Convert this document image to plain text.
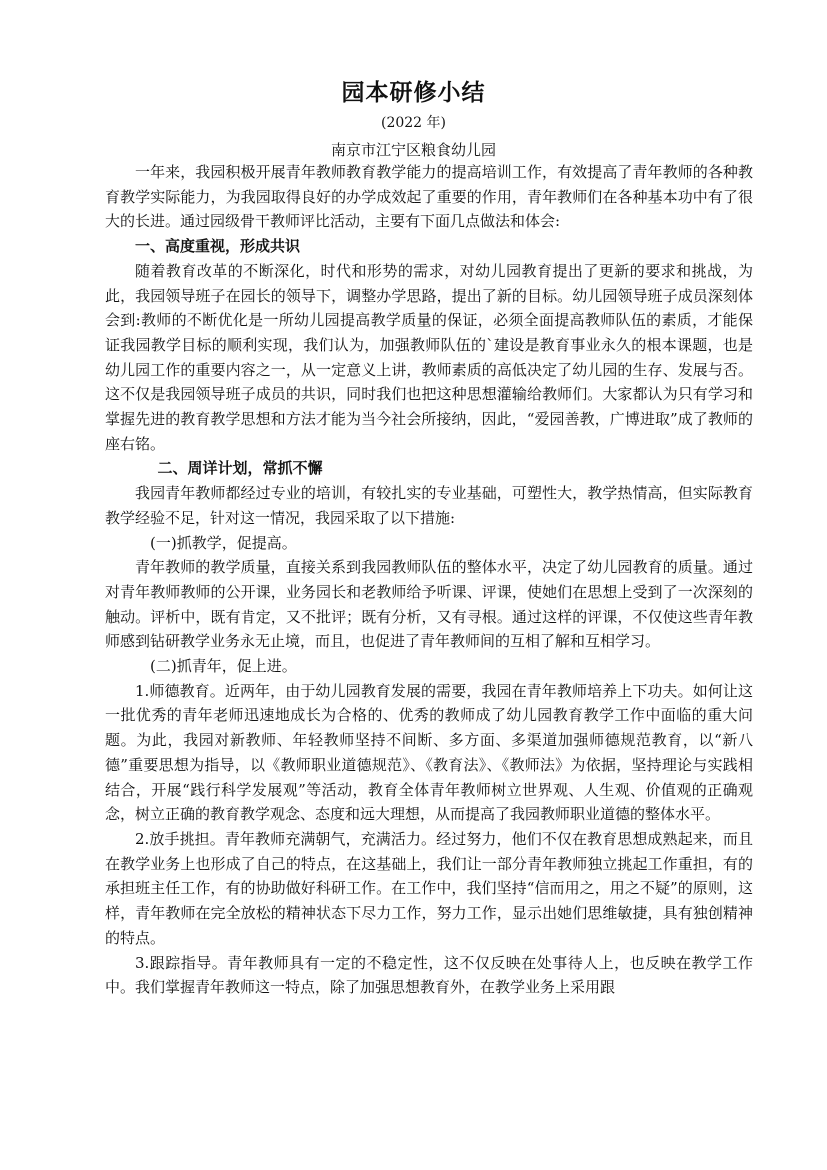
园本研修小结
(2022 年)
南京市江宁区粮食幼儿园

一年来，我园积极开展青年教师教育教学能力的提高培训工作，有效提高了青年教师的各种教育教学实际能力，为我园取得良好的办学成效起了重要的作用，青年教师们在各种基本功中有了很大的长进。通过园级骨干教师评比活动，主要有下面几点做法和体会:

一、高度重视，形成共识

随着教育改革的不断深化，时代和形势的需求，对幼儿园教育提出了更新的要求和挑战，为此，我园领导班子在园长的领导下，调整办学思路，提出了新的目标。幼儿园领导班子成员深刻体会到:教师的不断优化是一所幼儿园提高教学质量的保证，必须全面提高教师队伍的素质，才能保证我园教学目标的顺利实现，我们认为，加强教师队伍的`建设是教育事业永久的根本课题，也是幼儿园工作的重要内容之一，从一定意义上讲，教师素质的高低决定了幼儿园的生存、发展与否。这不仅是我园领导班子成员的共识，同时我们也把这种思想灌输给教师们。大家都认为只有学习和掌握先进的教育教学思想和方法才能为当今社会所接纳，因此，“爱园善教，广博进取”成了教师的座右铭。

二、周详计划，常抓不懈

我园青年教师都经过专业的培训，有较扎实的专业基础，可塑性大，教学热情高，但实际教育教学经验不足，针对这一情况，我园采取了以下措施:

(一)抓教学，促提高。

青年教师的教学质量，直接关系到我园教师队伍的整体水平，决定了幼儿园教育的质量。通过对青年教师教师的公开课，业务园长和老教师给予听课、评课，使她们在思想上受到了一次深刻的触动。评析中，既有肯定，又不批评；既有分析，又有寻根。通过这样的评课，不仅使这些青年教师感到钻研教学业务永无止境，而且，也促进了青年教师间的互相了解和互相学习。

(二)抓青年，促上进。

1.师德教育。近两年，由于幼儿园教育发展的需要，我园在青年教师培养上下功夫。如何让这一批优秀的青年老师迅速地成长为合格的、优秀的教师成了幼儿园教育教学工作中面临的重大问题。为此，我园对新教师、年轻教师坚持不间断、多方面、多渠道加强师德规范教育，以“新八德”重要思想为指导，以《教师职业道德规范》、《教育法》、《教师法》为依据，坚持理论与实践相结合，开展“践行科学发展观”等活动，教育全体青年教师树立世界观、人生观、价值观的正确观念，树立正确的教育教学观念、态度和远大理想，从而提高了我园教师职业道德的整体水平。

2.放手挑担。青年教师充满朝气，充满活力。经过努力，他们不仅在教育思想成熟起来，而且在教学业务上也形成了自己的特点，在这基础上，我们让一部分青年教师独立挑起工作重担，有的承担班主任工作，有的协助做好科研工作。在工作中，我们坚持“信而用之，用之不疑”的原则，这样，青年教师在完全放松的精神状态下尽力工作，努力工作，显示出她们思维敏捷，具有独创精神的特点。

3.跟踪指导。青年教师具有一定的不稳定性，这不仅反映在处事待人上，也反映在教学工作中。我们掌握青年教师这一特点，除了加强思想教育外，在教学业务上采用跟
